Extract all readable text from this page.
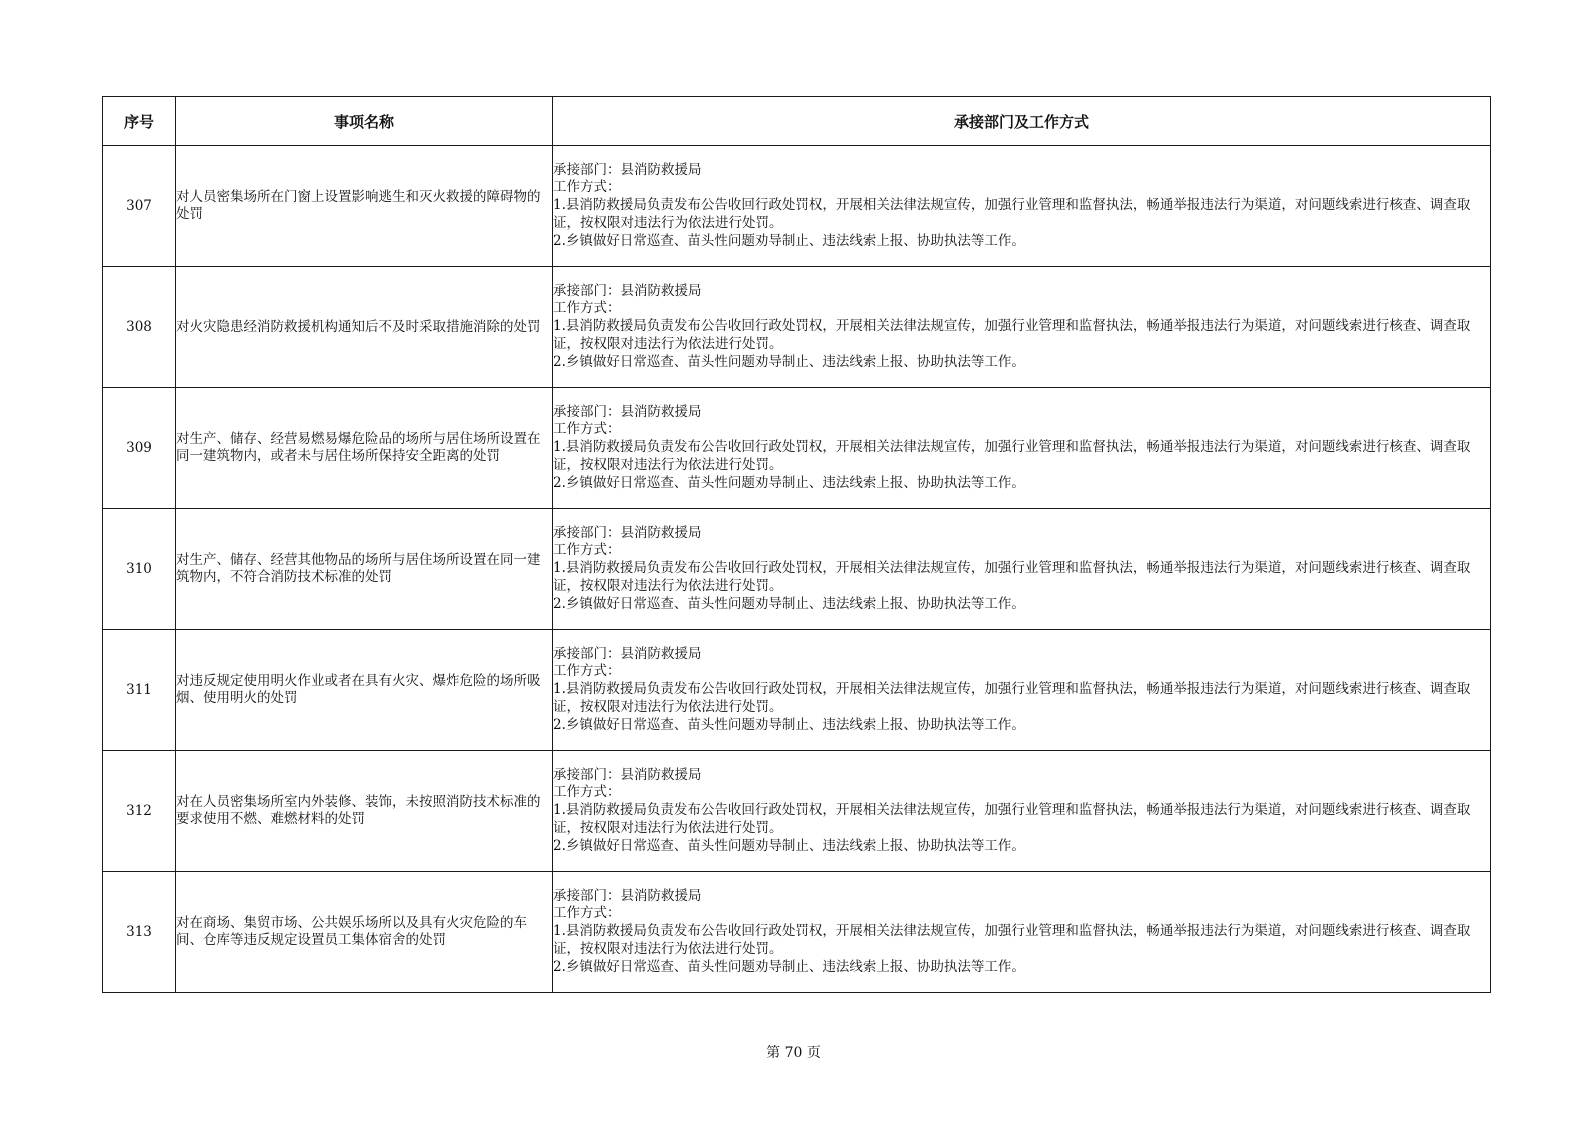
序号	事项名称	承接部门及工作方式
307	对人员密集场所在门窗上设置影响逃生和灭火救援的障碍物的处罚	承接部门：县消防救援局
工作方式：
1.县消防救援局负责发布公告收回行政处罚权，开展相关法律法规宣传，加强行业管理和监督执法，畅通举报违法行为渠道，对问题线索进行核查、调查取证，按权限对违法行为依法进行处罚。
2.乡镇做好日常巡查、苗头性问题劝导制止、违法线索上报、协助执法等工作。

308	对火灾隐患经消防救援机构通知后不及时采取措施消除的处罚	承接部门：县消防救援局
工作方式：
1.县消防救援局负责发布公告收回行政处罚权，开展相关法律法规宣传，加强行业管理和监督执法，畅通举报违法行为渠道，对问题线索进行核查、调查取证，按权限对违法行为依法进行处罚。
2.乡镇做好日常巡查、苗头性问题劝导制止、违法线索上报、协助执法等工作。

309	对生产、储存、经营易燃易爆危险品的场所与居住场所设置在同一建筑物内，或者未与居住场所保持安全距离的处罚	承接部门：县消防救援局
工作方式：
1.县消防救援局负责发布公告收回行政处罚权，开展相关法律法规宣传，加强行业管理和监督执法，畅通举报违法行为渠道，对问题线索进行核查、调查取证，按权限对违法行为依法进行处罚。
2.乡镇做好日常巡查、苗头性问题劝导制止、违法线索上报、协助执法等工作。

310	对生产、储存、经营其他物品的场所与居住场所设置在同一建筑物内，不符合消防技术标准的处罚	承接部门：县消防救援局
工作方式：
1.县消防救援局负责发布公告收回行政处罚权，开展相关法律法规宣传，加强行业管理和监督执法，畅通举报违法行为渠道，对问题线索进行核查、调查取证，按权限对违法行为依法进行处罚。
2.乡镇做好日常巡查、苗头性问题劝导制止、违法线索上报、协助执法等工作。

311	对违反规定使用明火作业或者在具有火灾、爆炸危险的场所吸烟、使用明火的处罚	承接部门：县消防救援局
工作方式：
1.县消防救援局负责发布公告收回行政处罚权，开展相关法律法规宣传，加强行业管理和监督执法，畅通举报违法行为渠道，对问题线索进行核查、调查取证，按权限对违法行为依法进行处罚。
2.乡镇做好日常巡查、苗头性问题劝导制止、违法线索上报、协助执法等工作。

312	对在人员密集场所室内外装修、装饰，未按照消防技术标准的要求使用不燃、难燃材料的处罚	承接部门：县消防救援局
工作方式：
1.县消防救援局负责发布公告收回行政处罚权，开展相关法律法规宣传，加强行业管理和监督执法，畅通举报违法行为渠道，对问题线索进行核查、调查取证，按权限对违法行为依法进行处罚。
2.乡镇做好日常巡查、苗头性问题劝导制止、违法线索上报、协助执法等工作。

313	对在商场、集贸市场、公共娱乐场所以及具有火灾危险的车间、仓库等违反规定设置员工集体宿舍的处罚	承接部门：县消防救援局
工作方式：
1.县消防救援局负责发布公告收回行政处罚权，开展相关法律法规宣传，加强行业管理和监督执法，畅通举报违法行为渠道，对问题线索进行核查、调查取证，按权限对违法行为依法进行处罚。
2.乡镇做好日常巡查、苗头性问题劝导制止、违法线索上报、协助执法等工作。
第 70 页
